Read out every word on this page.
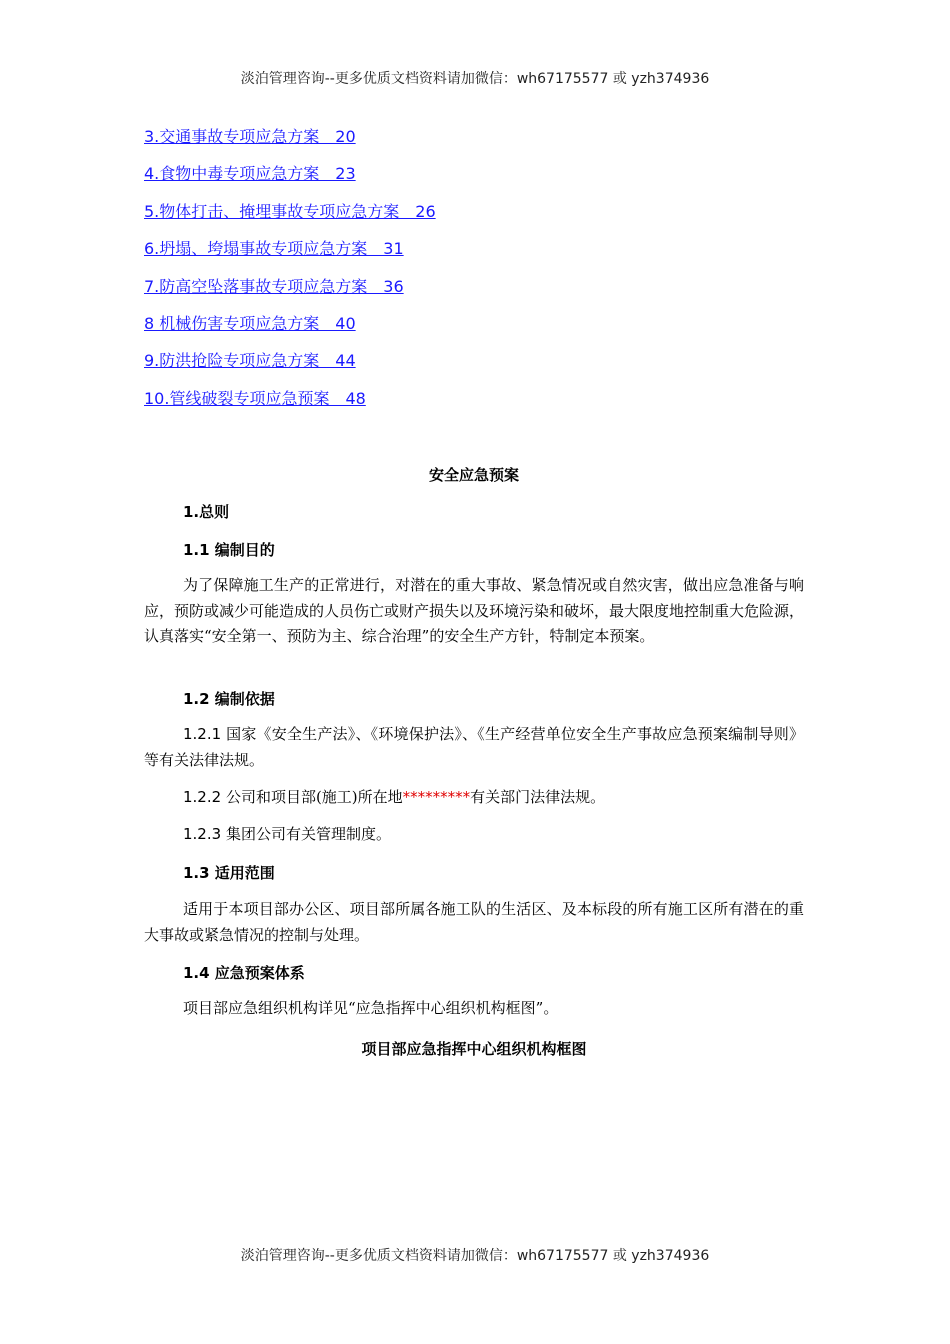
淡泊管理咨询--更多优质文档资料请加微信：wh67175577 或 yzh374936
3.交通事故专项应急方案　20
4.食物中毒专项应急方案　23
5.物体打击、掩埋事故专项应急方案　26
6.坍塌、垮塌事故专项应急方案　31
7.防高空坠落事故专项应急方案　36
8 机械伤害专项应急方案　40
9.防洪抢险专项应急方案　44
10.管线破裂专项应急预案　48
安全应急预案
1.总则
1.1 编制目的
为了保障施工生产的正常进行，对潜在的重大事故、紧急情况或自然灾害，做出应急准备与响应，预防或减少可能造成的人员伤亡或财产损失以及环境污染和破坏，最大限度地控制重大危险源，认真落实“安全第一、预防为主、综合治理”的安全生产方针，特制定本预案。
1.2 编制依据
1.2.1 国家《安全生产法》、《环境保护法》、《生产经营单位安全生产事故应急预案编制导则》等有关法律法规。
1.2.2 公司和项目部(施工)所在地*********有关部门法律法规。
1.2.3 集团公司有关管理制度。
1.3 适用范围
适用于本项目部办公区、项目部所属各施工队的生活区、及本标段的所有施工区所有潜在的重大事故或紧急情况的控制与处理。
1.4 应急预案体系
项目部应急组织机构详见“应急指挥中心组织机构框图”。
项目部应急指挥中心组织机构框图
淡泊管理咨询--更多优质文档资料请加微信：wh67175577 或 yzh374936
